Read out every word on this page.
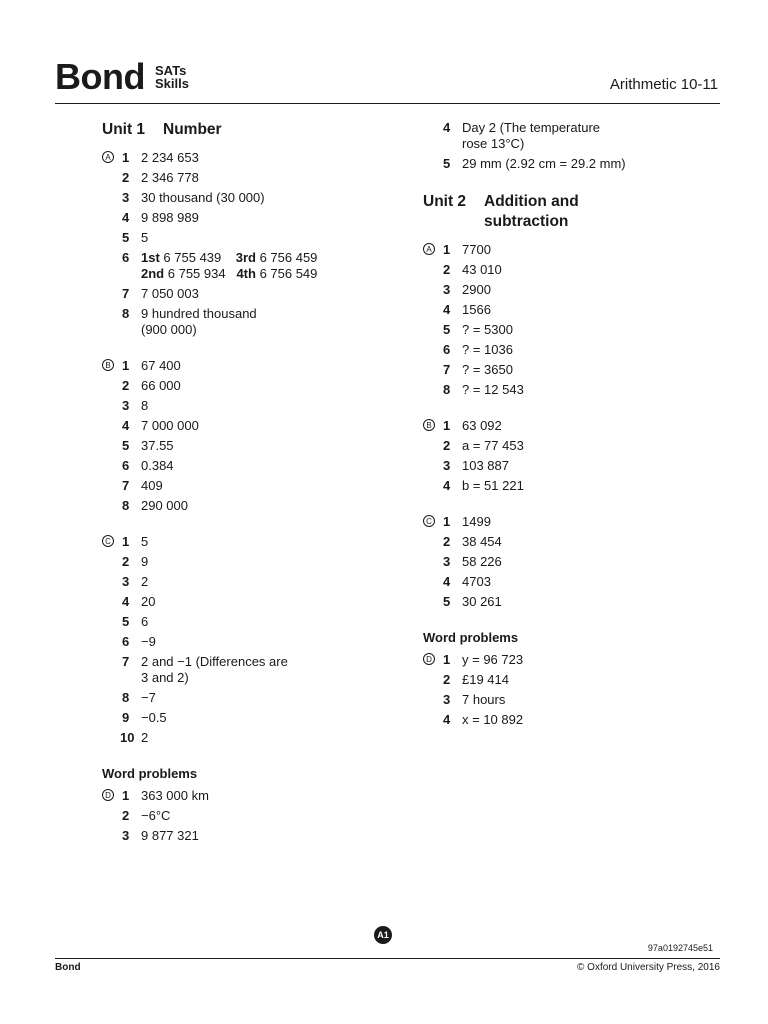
Bond SATs
Skills	Arithmetic 10-11
Unit 1	Number
A 1 2 234 653
2 2 346 778
3 30 thousand (30 000)
4 9 898 989
5 5
6 1st 6 755 439 3rd 6 756 459
2nd 6 755 934 4th 6 756 549
7 7 050 003
8 9 hundred thousand
(900 000)
B 1 67 400
2 66 000
3 8
4 7 000 000
5 37.55
6 0.384
7 409
8 290 000
C 1 5
2 9
3 2
4 20
5 6
6 −9
7 2 and −1 (Differences are
3 and 2)
8 −7
9 −0.5
10 2
Word problems
D 1 363 000 km
2 −6°C
3 9 877 321
4 Day 2 (The temperature
rose 13°C)
5 29 mm (2.92 cm = 29.2 mm)
Unit 2	Addition and
subtraction
A 1 7700
2 43 010
3 2900
4 1566
5 ? = 5300
6 ? = 1036
7 ? = 3650
8 ? = 12 543
B 1 63 092
2 a = 77 453
3 103 887
4 b = 51 221
C 1 1499
2 38 454
3 58 226
4 4703
5 30 261
Word problems
D 1 y = 96 723
2 £19 414
3 7 hours
4 x = 10 892
A1
97a0192745e51
Bond	© Oxford University Press, 2016
